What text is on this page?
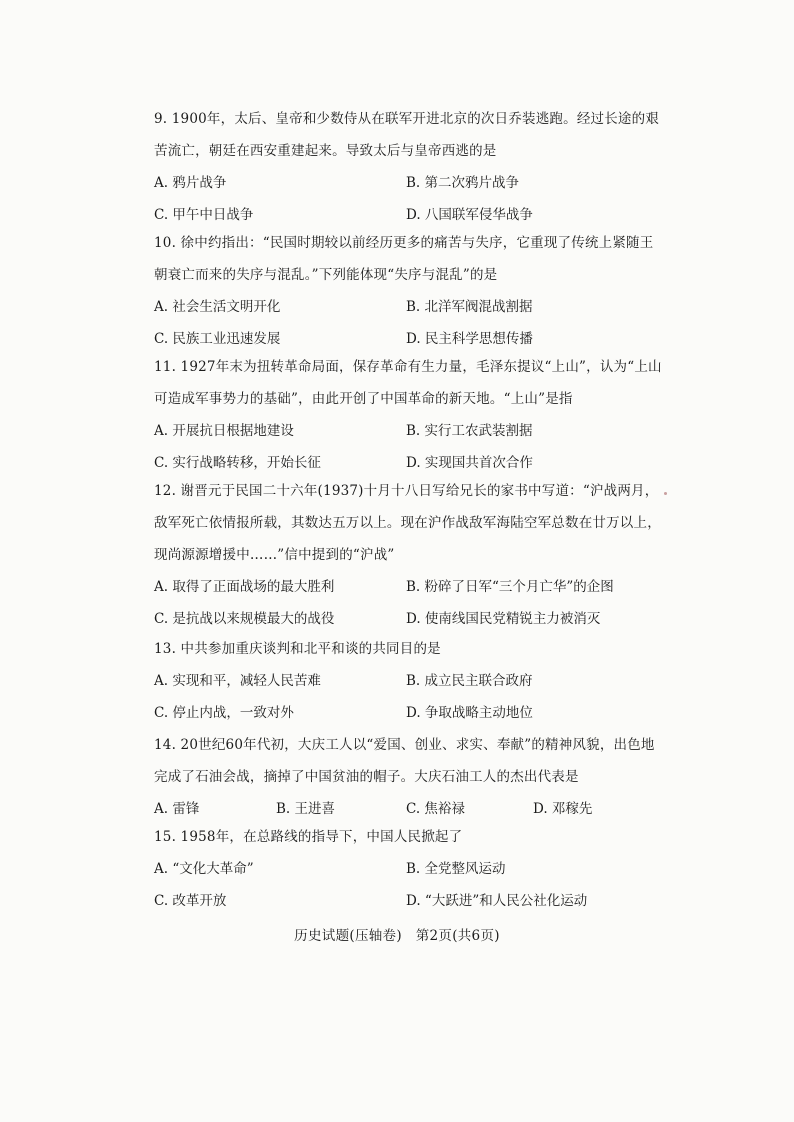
9. 1900年，太后、皇帝和少数侍从在联军开进北京的次日乔装逃跑。经过长途的艰苦流亡，朝廷在西安重建起来。导致太后与皇帝西逃的是
A. 鸦片战争	B. 第二次鸦片战争
C. 甲午中日战争	D. 八国联军侵华战争
10. 徐中约指出：“民国时期较以前经历更多的痛苦与失序，它重现了传统上紧随王朝衰亡而来的失序与混乱。”下列能体现“失序与混乱”的是
A. 社会生活文明开化	B. 北洋军阀混战割据
C. 民族工业迅速发展	D. 民主科学思想传播
11. 1927年末为扭转革命局面，保存革命有生力量，毛泽东提议“上山”，认为“上山可造成军事势力的基础”，由此开创了中国革命的新天地。“上山”是指
A. 开展抗日根据地建设	B. 实行工农武装割据
C. 实行战略转移，开始长征	D. 实现国共首次合作
12. 谢晋元于民国二十六年(1937)十月十八日写给兄长的家书中写道：“沪战两月，敌军死亡依情报所载，其数达五万以上。现在沪作战敌军海陆空军总数在廿万以上，现尚源源增援中……”信中提到的“沪战”
A. 取得了正面战场的最大胜利	B. 粉碎了日军“三个月亡华”的企图
C. 是抗战以来规模最大的战役	D. 使南线国民党精锐主力被消灭
13. 中共参加重庆谈判和北平和谈的共同目的是
A. 实现和平，减轻人民苦难	B. 成立民主联合政府
C. 停止内战，一致对外	D. 争取战略主动地位
14. 20世纪60年代初，大庆工人以“爱国、创业、求实、奉献”的精神风貌，出色地完成了石油会战，摘掉了中国贫油的帽子。大庆石油工人的杰出代表是
A. 雷锋	B. 王进喜	C. 焦裕禄	D. 邓稼先
15. 1958年，在总路线的指导下，中国人民掀起了
A. “文化大革命”	B. 全党整风运动
C. 改革开放	D. “大跃进”和人民公社化运动
历史试题(压轴卷)　第2页(共6页)
